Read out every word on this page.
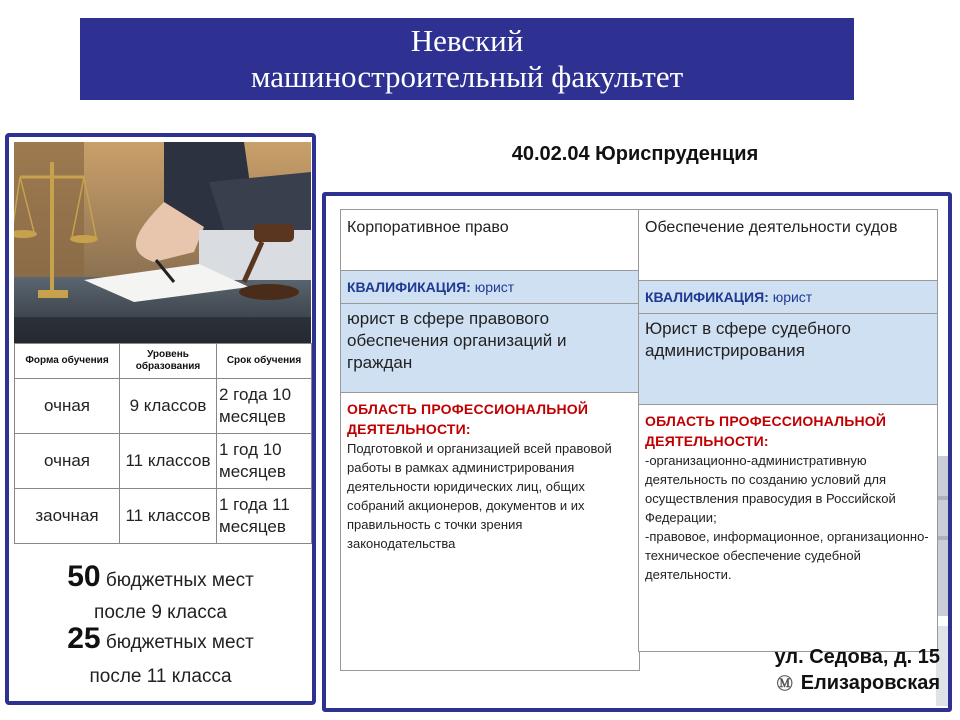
Невский
машиностроительный факультет
Форма обучения	Уровень образования	Срок обучения
очная	9 классов	2 года 10 месяцев
очная	11 классов	1 год 10 месяцев
заочная	11 классов	1 года 11 месяцев
50 бюджетных мест
после 9 класса
25 бюджетных мест
после 11 класса
40.02.04 Юриспруденция
Корпоративное право
КВАЛИФИКАЦИЯ: юрист
юрист в сфере правового обеспечения организаций и граждан
ОБЛАСТЬ ПРОФЕССИОНАЛЬНОЙ ДЕЯТЕЛЬНОСТИ:
Подготовкой и организацией всей правовой работы в рамках администрирования деятельности юридических лиц, общих собраний акционеров, документов и их правильность с точки зрения законодательства
Обеспечение деятельности судов
КВАЛИФИКАЦИЯ: юрист
Юрист в сфере судебного администрирования
ОБЛАСТЬ ПРОФЕССИОНАЛЬНОЙ ДЕЯТЕЛЬНОСТИ:
-организационно-административную деятельность по созданию условий для осуществления правосудия в Российской Федерации;
-правовое, информационное, организационно-техническое обеспечение судебной деятельности.
ул. Седова, д. 15
Ⓜ Елизаровская
